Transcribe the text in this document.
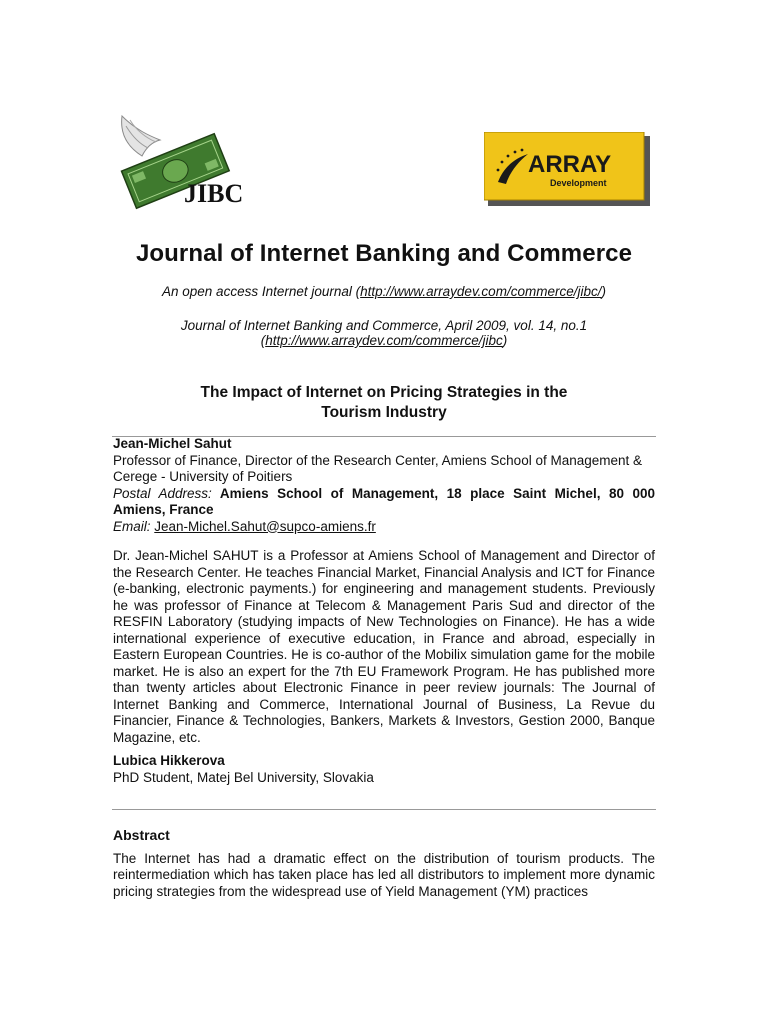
JIBC
ARRAY
Development
Journal of Internet Banking and Commerce
An open access Internet journal (http://www.arraydev.com/commerce/jibc/)
Journal of Internet Banking and Commerce, April 2009, vol. 14, no.1
(http://www.arraydev.com/commerce/jibc)
The Impact of Internet on Pricing Strategies in the
Tourism Industry

Jean-Michel Sahut

Professor of Finance, Director of the Research Center, Amiens School of Management & Cerege - University of Poitiers

Postal Address: Amiens School of Management, 18 place Saint Michel, 80 000 Amiens, France

Email: Jean-Michel.Sahut@supco-amiens.fr

Dr. Jean-Michel SAHUT is a Professor at Amiens School of Management and Director of the Research Center. He teaches Financial Market, Financial Analysis and ICT for Finance (e-banking, electronic payments.) for engineering and management students. Previously he was professor of Finance at Telecom & Management Paris Sud and director of the RESFIN Laboratory (studying impacts of New Technologies on Finance). He has a wide international experience of executive education, in France and abroad, especially in Eastern European Countries. He is co-author of the Mobilix simulation game for the mobile market. He is also an expert for the 7th EU Framework Program. He has published more than twenty articles about Electronic Finance in peer review journals: The Journal of Internet Banking and Commerce, International Journal of Business, La Revue du Financier, Finance & Technologies, Bankers, Markets & Investors, Gestion 2000, Banque Magazine, etc.

Lubica Hikkerova

PhD Student, Matej Bel University, Slovakia

Abstract

The Internet has had a dramatic effect on the distribution of tourism products. The reintermediation which has taken place has led all distributors to implement more dynamic pricing strategies from the widespread use of Yield Management (YM) practices
